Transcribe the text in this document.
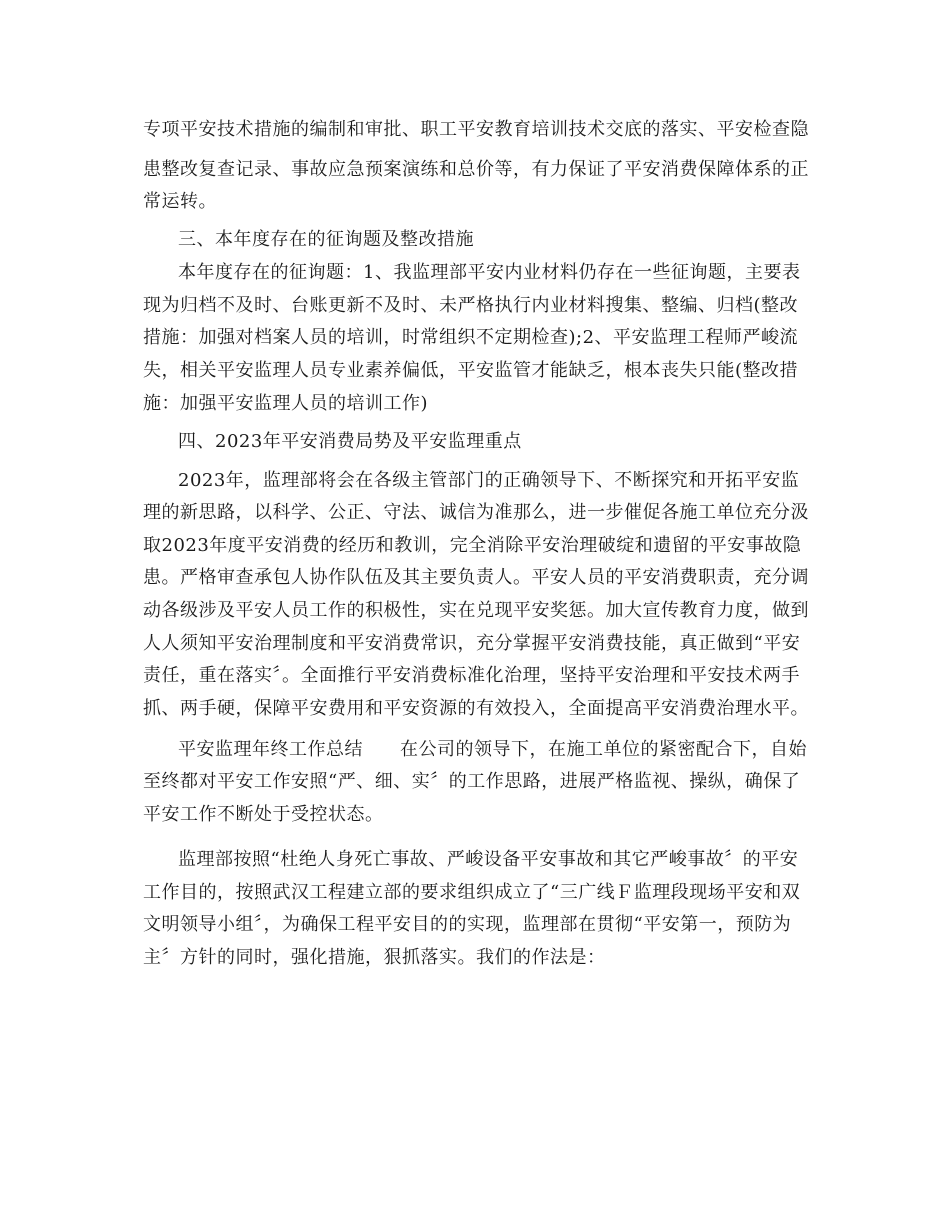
专项平安技术措施的编制和审批、职工平安教育培训技术交底的落实、平安检查隐

患整改复查记录、事故应急预案演练和总价等，有力保证了平安消费保障体系的正

常运转。

三、本年度存在的征询题及整改措施

本年度存在的征询题：1、我监理部平安内业材料仍存在一些征询题，主要表

现为归档不及时、台账更新不及时、未严格执行内业材料搜集、整编、归档(整改

措施：加强对档案人员的培训，时常组织不定期检查);2、平安监理工程师严峻流

失，相关平安监理人员专业素养偏低，平安监管才能缺乏，根本丧失只能(整改措

施：加强平安监理人员的培训工作)

四、2023年平安消费局势及平安监理重点

2023年，监理部将会在各级主管部门的正确领导下、不断探究和开拓平安监

理的新思路，以科学、公正、守法、诚信为准那么，进一步催促各施工单位充分汲

取2023年度平安消费的经历和教训，完全消除平安治理破绽和遗留的平安事故隐

患。严格审查承包人协作队伍及其主要负责人。平安人员的平安消费职责，充分调

动各级涉及平安人员工作的积极性，实在兑现平安奖惩。加大宣传教育力度，做到

人人须知平安治理制度和平安消费常识，充分掌握平安消费技能，真正做到“平安

责任，重在落实〞。全面推行平安消费标准化治理，坚持平安治理和平安技术两手

抓、两手硬，保障平安费用和平安资源的有效投入，全面提高平安消费治理水平。

平安监理年终工作总结　　在公司的领导下，在施工单位的紧密配合下，自始

至终都对平安工作安照“严、细、实〞的工作思路，进展严格监视、操纵，确保了

平安工作不断处于受控状态。

监理部按照“杜绝人身死亡事故、严峻设备平安事故和其它严峻事故〞的平安

工作目的，按照武汉工程建立部的要求组织成立了“三广线Ｆ监理段现场平安和双

文明领导小组〞，为确保工程平安目的的实现，监理部在贯彻“平安第一，预防为

主〞方针的同时，强化措施，狠抓落实。我们的作法是：
